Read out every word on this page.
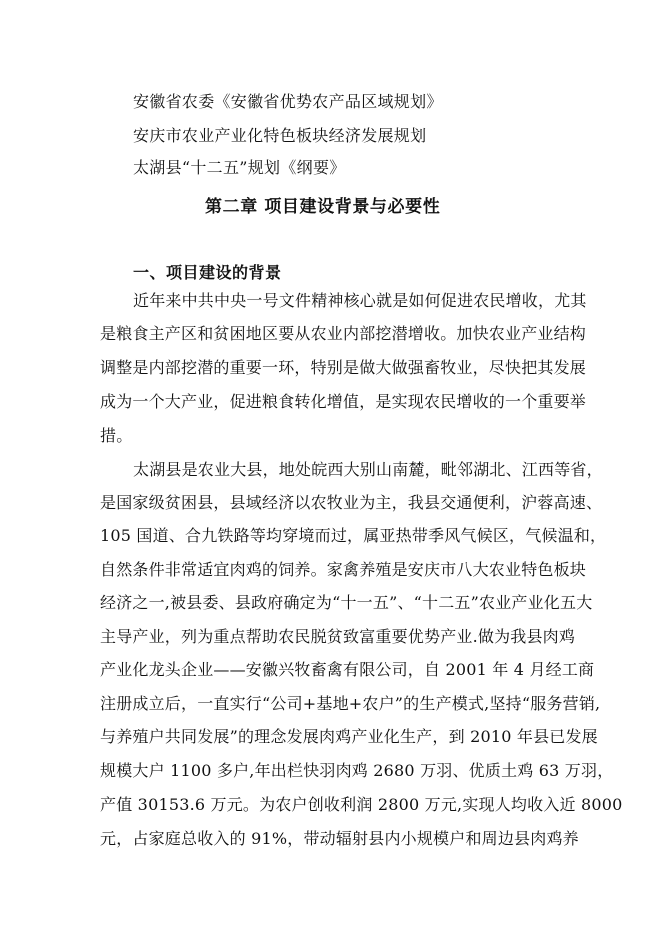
安徽省农委《安徽省优势农产品区域规划》
安庆市农业产业化特色板块经济发展规划
太湖县“十二五”规划《纲要》
第二章 项目建设背景与必要性
一、项目建设的背景
近年来中共中央一号文件精神核心就是如何促进农民增收，尤其
是粮食主产区和贫困地区要从农业内部挖潜增收。加快农业产业结构
调整是内部挖潜的重要一环，特别是做大做强畜牧业，尽快把其发展
成为一个大产业，促进粮食转化增值，是实现农民增收的一个重要举
措。
太湖县是农业大县，地处皖西大别山南麓，毗邻湖北、江西等省，
是国家级贫困县，县域经济以农牧业为主，我县交通便利，沪蓉高速、
105 国道、合九铁路等均穿境而过，属亚热带季风气候区，气候温和，
自然条件非常适宜肉鸡的饲养。家禽养殖是安庆市八大农业特色板块
经济之一,被县委、县政府确定为“十一五”、“十二五”农业产业化五大
主导产业，列为重点帮助农民脱贫致富重要优势产业.做为我县肉鸡
产业化龙头企业——安徽兴牧畜禽有限公司，自 2001 年 4 月经工商
注册成立后，一直实行“公司+基地+农户”的生产模式,坚持“服务营销,
与养殖户共同发展”的理念发展肉鸡产业化生产，到 2010 年县已发展
规模大户 1100 多户,年出栏快羽肉鸡 2680 万羽、优质土鸡 63 万羽，
产值 30153.6 万元。为农户创收利润 2800 万元,实现人均收入近 8000
元，占家庭总收入的 91%，带动辐射县内小规模户和周边县肉鸡养
